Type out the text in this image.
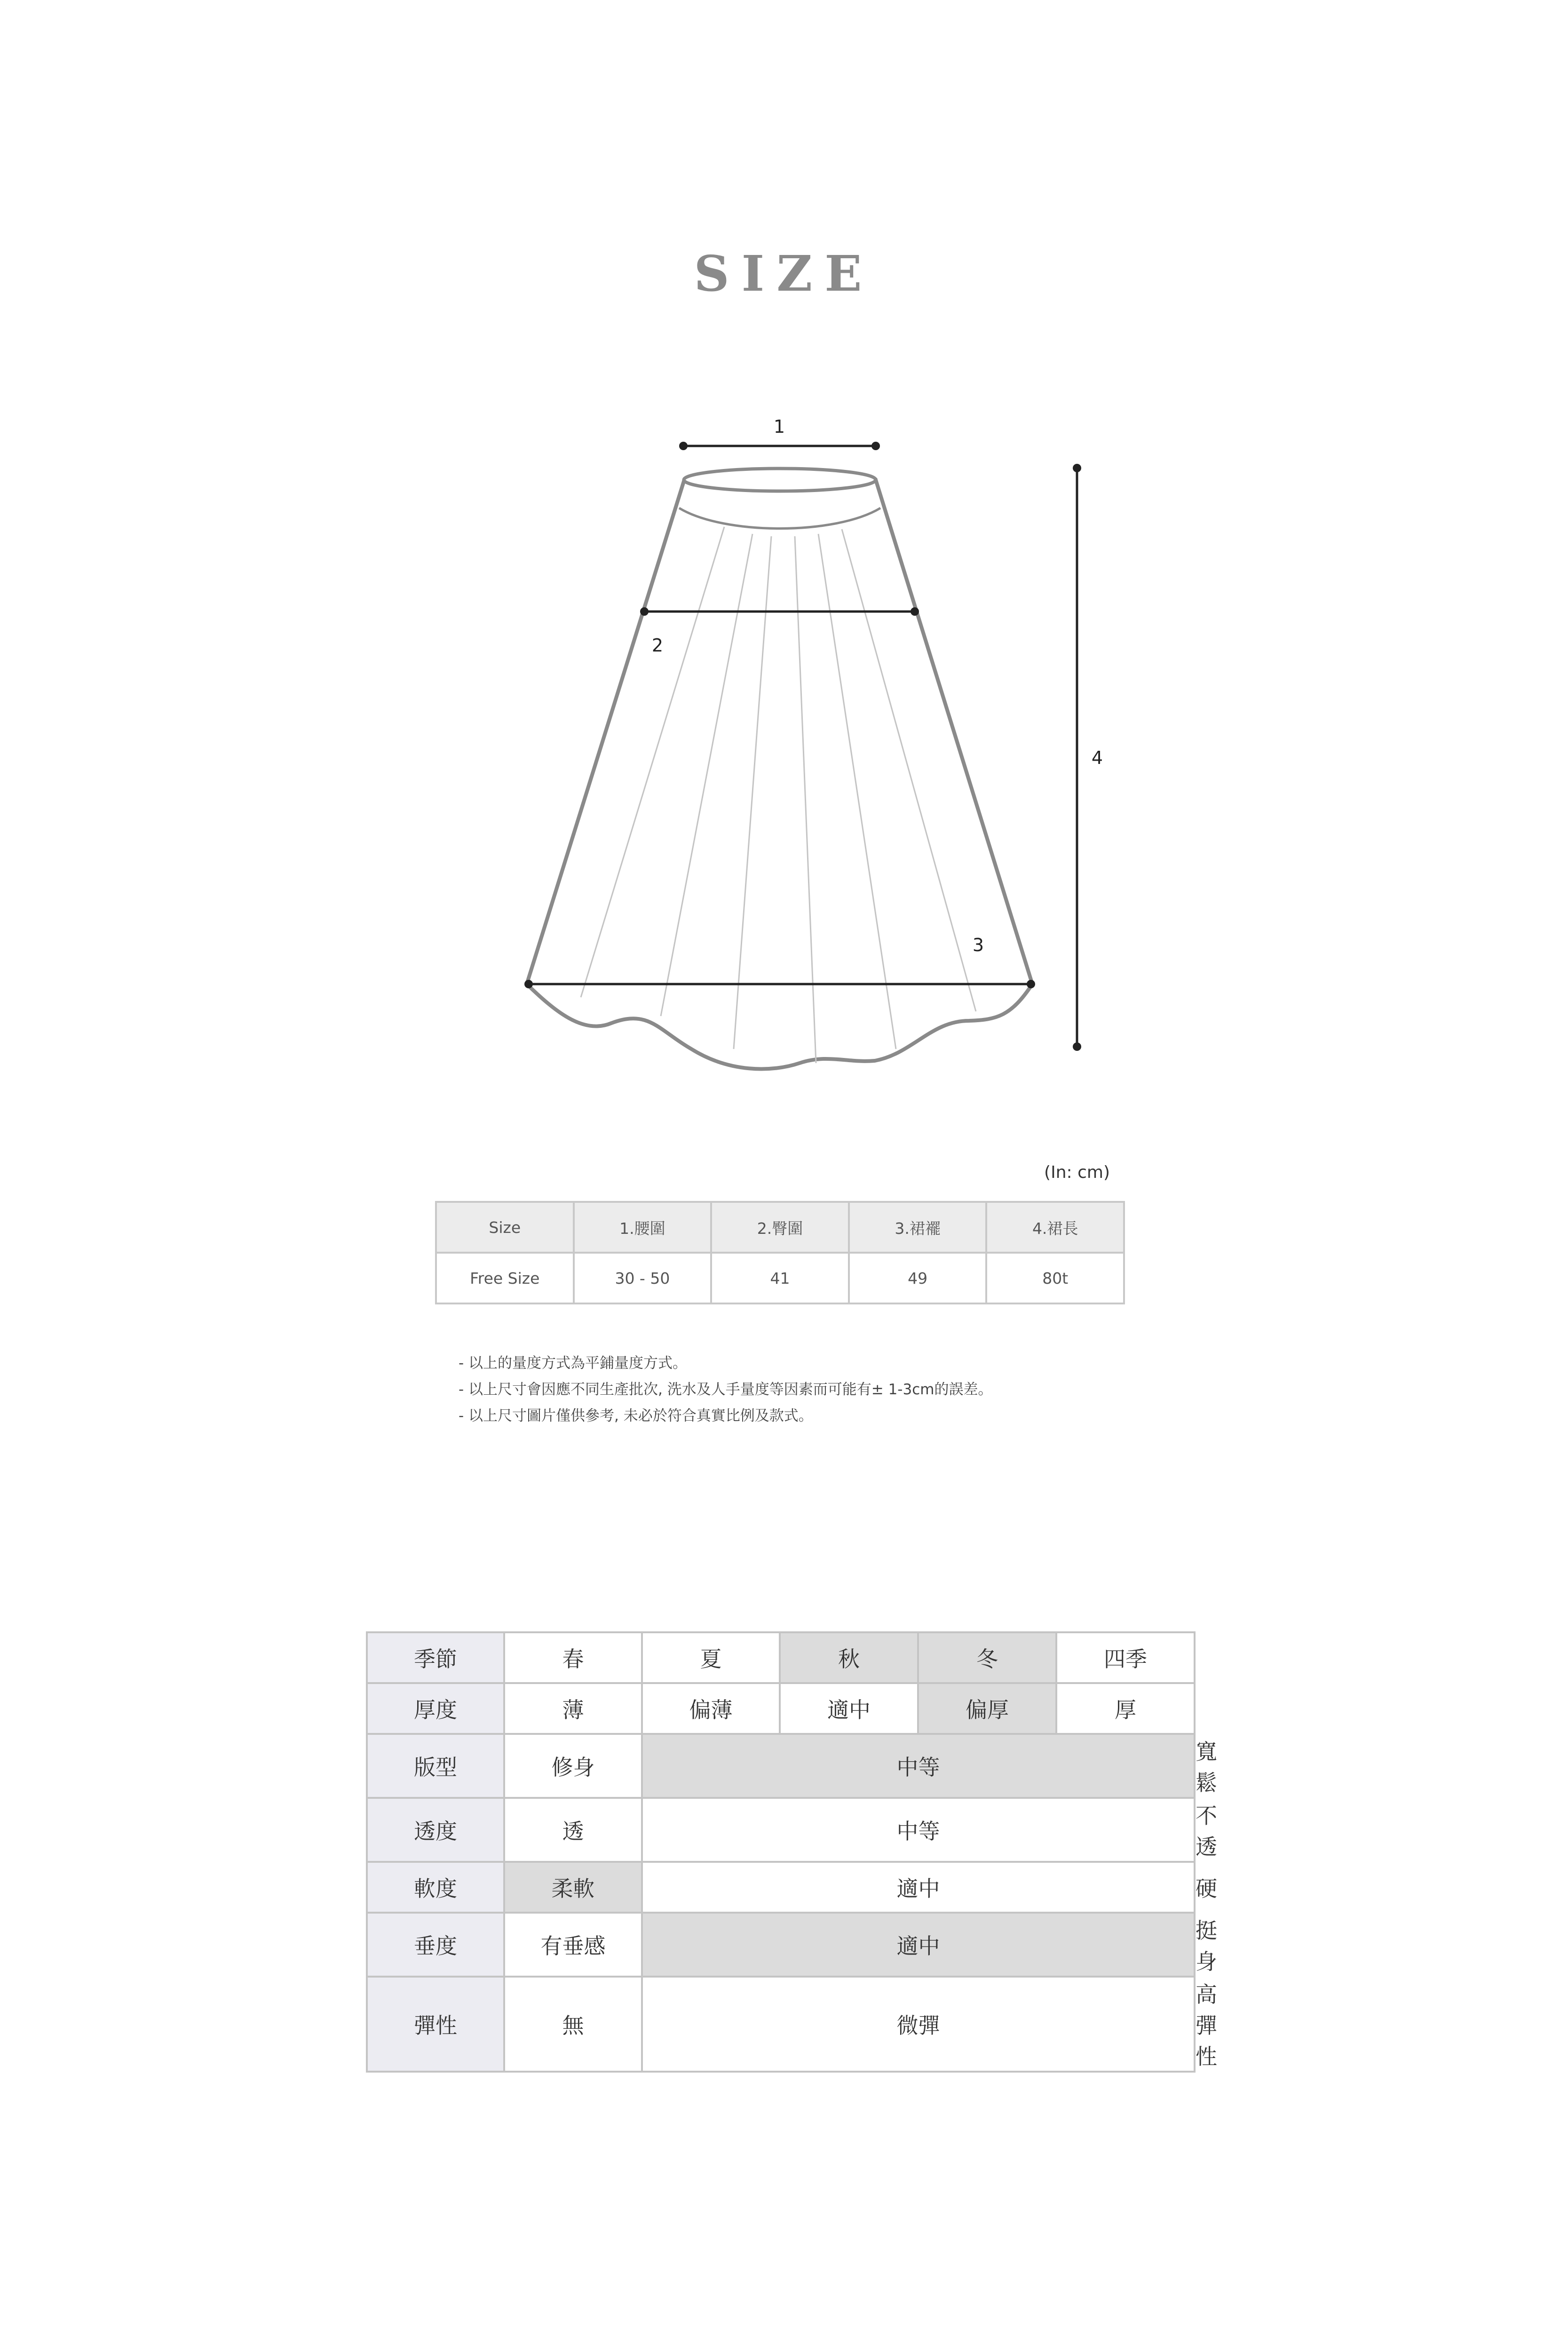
SIZE
1
2
3
4
(In: cm)
Size	1.腰圍	2.臀圍	3.裙襬	4.裙長
Free Size	30 - 50	41	49	80t
- 以上的量度方式為平鋪量度方式。
- 以上尺寸會因應不同生產批次, 洗水及人手量度等因素而可能有± 1-3cm的誤差。
- 以上尺寸圖片僅供參考, 未必於符合真實比例及款式。
季節	春	夏	秋	冬	四季	
厚度	薄	偏薄	適中	偏厚	厚	
版型	修身	中等				寬鬆
透度	透	中等				不透
軟度	柔軟	適中				硬
垂度	有垂感	適中				挺身
彈性	無	微彈				高彈性
